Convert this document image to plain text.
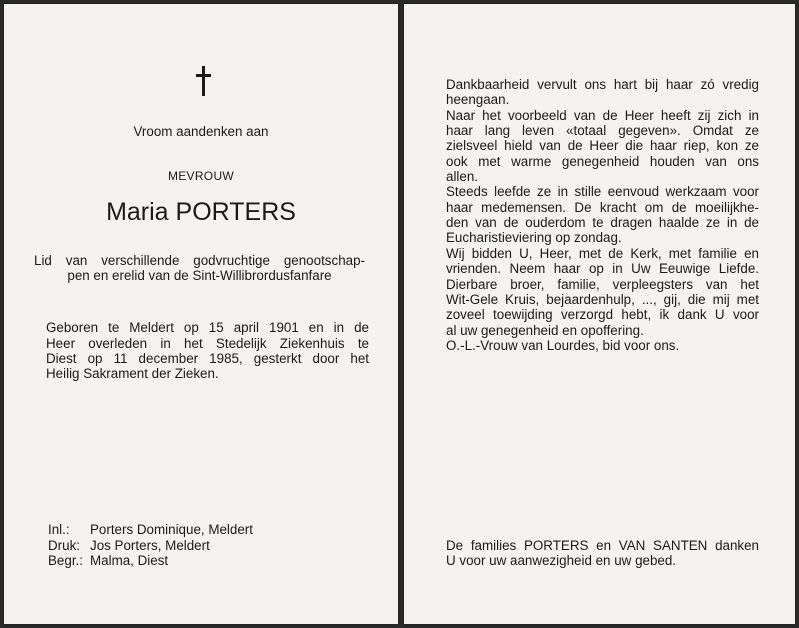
Vroom aandenken aan
MEVROUW
Maria PORTERS
Lid van verschillende godvruchtige genootschap-
pen en erelid van de Sint-Willibrordusfanfare
Geboren te Meldert op 15 april 1901 en in de
Heer overleden in het Stedelijk Ziekenhuis te
Diest op 11 december 1985, gesterkt door het
Heilig Sakrament der Zieken.
Inl.: Porters Dominique, Meldert
Druk: Jos Porters, Meldert
Begr.: Malma, Diest
Dankbaarheid vervult ons hart bij haar zó vredig
heengaan.
Naar het voorbeeld van de Heer heeft zij zich in
haar lang leven «totaal gegeven». Omdat ze
zielsveel hield van de Heer die haar riep, kon ze
ook met warme genegenheid houden van ons
allen.
Steeds leefde ze in stille eenvoud werkzaam voor
haar medemensen. De kracht om de moeilijkhe-
den van de ouderdom te dragen haalde ze in de
Eucharistieviering op zondag.
Wij bidden U, Heer, met de Kerk, met familie en
vrienden. Neem haar op in Uw Eeuwige Liefde.
Dierbare broer, familie, verpleegsters van het
Wit-Gele Kruis, bejaardenhulp, ..., gij, die mij met
zoveel toewijding verzorgd hebt, ik dank U voor
al uw genegenheid en opoffering.
O.-L.-Vrouw van Lourdes, bid voor ons.
De families PORTERS en VAN SANTEN danken
U voor uw aanwezigheid en uw gebed.
